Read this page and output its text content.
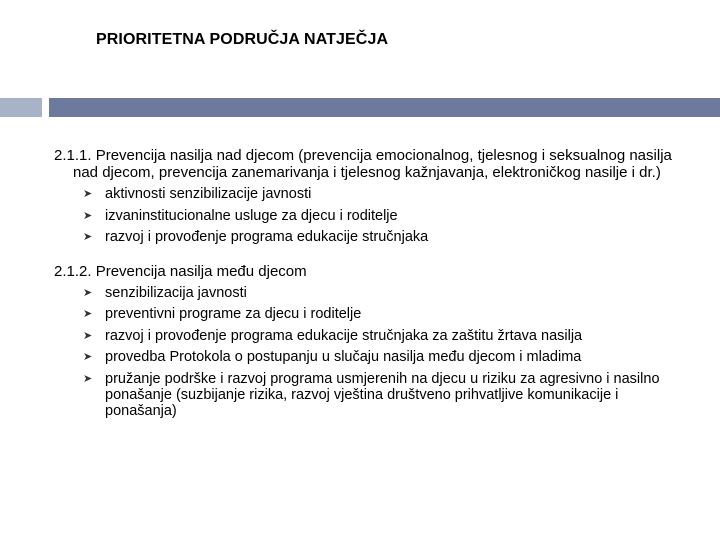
PRIORITETNA PODRUČJA NATJEČJA
2.1.1. Prevencija nasilja nad djecom (prevencija emocionalnog, tjelesnog i seksualnog nasilja nad djecom, prevencija zanemarivanja i tjelesnog kažnjavanja, elektroničkog nasilje i dr.)
➤ aktivnosti senzibilizacije javnosti
➤ izvaninstitucionalne usluge za djecu i roditelje
➤ razvoj i provođenje programa edukacije stručnjaka
2.1.2. Prevencija nasilja među djecom
➤ senzibilizacija javnosti
➤ preventivni programe za djecu i roditelje
➤ razvoj i provođenje programa edukacije stručnjaka za zaštitu žrtava nasilja
➤ provedba Protokola o postupanju u slučaju nasilja među djecom i mladima
➤ pružanje podrške i razvoj programa usmjerenih na djecu u riziku za agresivno i nasilno ponašanje (suzbijanje rizika, razvoj vještina društveno prihvatljive komunikacije i ponašanja)
